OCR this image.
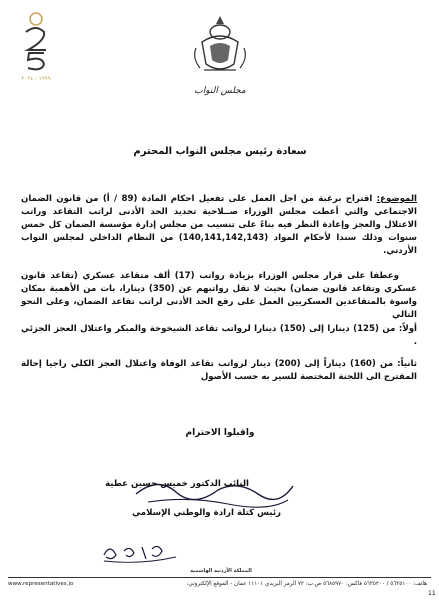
مجلس النواب
١٩٩٩ - ٢٠٢٤
سعادة رئيس مجلس النواب المحترم
الموضوع: اقتراح برغبة من اجل العمل على تفعيل احكام المادة (89 / أ) من قانون الضمان الاجتماعي والتي أعطت مجلس الوزراء صــلاحية تحديد الحد الأدنى لراتب التقاعد وراتب الاعتلال والعجز وإعادة النظر فيه بناءً على تنسيب من مجلس إدارة مؤسسة الضمان كل خمس سنوات وذلك سندا لأحكام المواد (140,141,142,143) من النظام الداخلي لمجلس النواب الأردني.
وعطفا على قرار مجلس الوزراء بزيادة رواتب (17) ألف متقاعد عسكري (تقاعد قانون عسكري وتقاعد قانون ضمان) بحيث لا تقل رواتبهم عن (350) دينارا، بات من الأهمية بمكان واسوة بالمتقاعدين العسكريين العمل على رفع الحد الأدنى لراتب تقاعد الضمان، وعلى النحو التالي
أولاً: من (125) دينارا إلى (150) دينارا لرواتب تقاعد الشيخوخة والمبكر واعتلال العجز الجزئي .
ثانياً: من (160) ديناراً إلى (200) دينار لرواتب تقاعد الوفاة واعتلال العجز الكلي راجيا إحالة المقترح الى اللجنة المختصة للسير به حسب الأصول
واقبلوا الاحترام
النائب الدكتور خميس حسين عطية
رئيس كتلة ارادة والوطني الإسلامي
المملكة الأردنية الهاشمية
www.representatives.jo	هاتف: ٥٦٣٥١٠٠ / ٥٦٣٥٢٠٠ فاكس: ٥٦٨٥٩٧٠ ص.ب: ٧٢ الرمز البريدي ١١١٠١ عمان - الموقع الإلكتروني:
11
